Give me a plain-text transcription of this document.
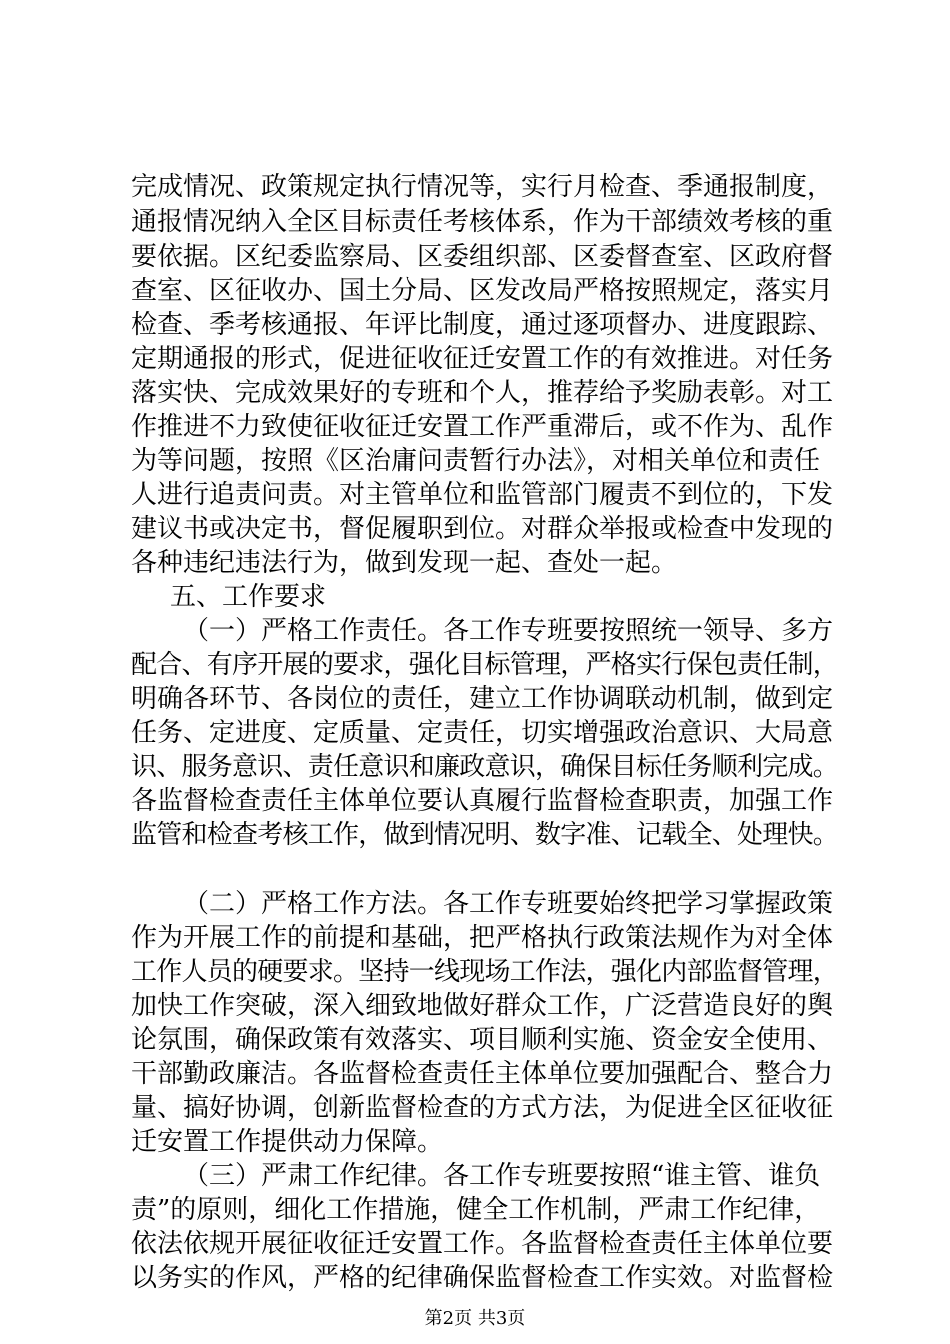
完成情况、政策规定执行情况等，实行月检查、季通报制度，
通报情况纳入全区目标责任考核体系，作为干部绩效考核的重
要依据。区纪委监察局、区委组织部、区委督查室、区政府督
查室、区征收办、国土分局、区发改局严格按照规定，落实月
检查、季考核通报、年评比制度，通过逐项督办、进度跟踪、
定期通报的形式，促进征收征迁安置工作的有效推进。对任务
落实快、完成效果好的专班和个人，推荐给予奖励表彰。对工
作推进不力致使征收征迁安置工作严重滞后，或不作为、乱作
为等问题，按照《区治庸问责暂行办法》，对相关单位和责任
人进行追责问责。对主管单位和监管部门履责不到位的，下发
建议书或决定书，督促履职到位。对群众举报或检查中发现的
各种违纪违法行为，做到发现一起、查处一起。
五、工作要求
（一）严格工作责任。各工作专班要按照统一领导、多方
配合、有序开展的要求，强化目标管理，严格实行保包责任制，
明确各环节、各岗位的责任，建立工作协调联动机制，做到定
任务、定进度、定质量、定责任，切实增强政治意识、大局意
识、服务意识、责任意识和廉政意识，确保目标任务顺利完成。
各监督检查责任主体单位要认真履行监督检查职责，加强工作
监管和检查考核工作，做到情况明、数字准、记载全、处理快。
（二）严格工作方法。各工作专班要始终把学习掌握政策
作为开展工作的前提和基础，把严格执行政策法规作为对全体
工作人员的硬要求。坚持一线现场工作法，强化内部监督管理，
加快工作突破，深入细致地做好群众工作，广泛营造良好的舆
论氛围，确保政策有效落实、项目顺利实施、资金安全使用、
干部勤政廉洁。各监督检查责任主体单位要加强配合、整合力
量、搞好协调，创新监督检查的方式方法，为促进全区征收征
迁安置工作提供动力保障。
（三）严肃工作纪律。各工作专班要按照“谁主管、谁负
责”的原则，细化工作措施，健全工作机制，严肃工作纪律，
依法依规开展征收征迁安置工作。各监督检查责任主体单位要
以务实的作风，严格的纪律确保监督检查工作实效。对监督检
第2页 共3页
